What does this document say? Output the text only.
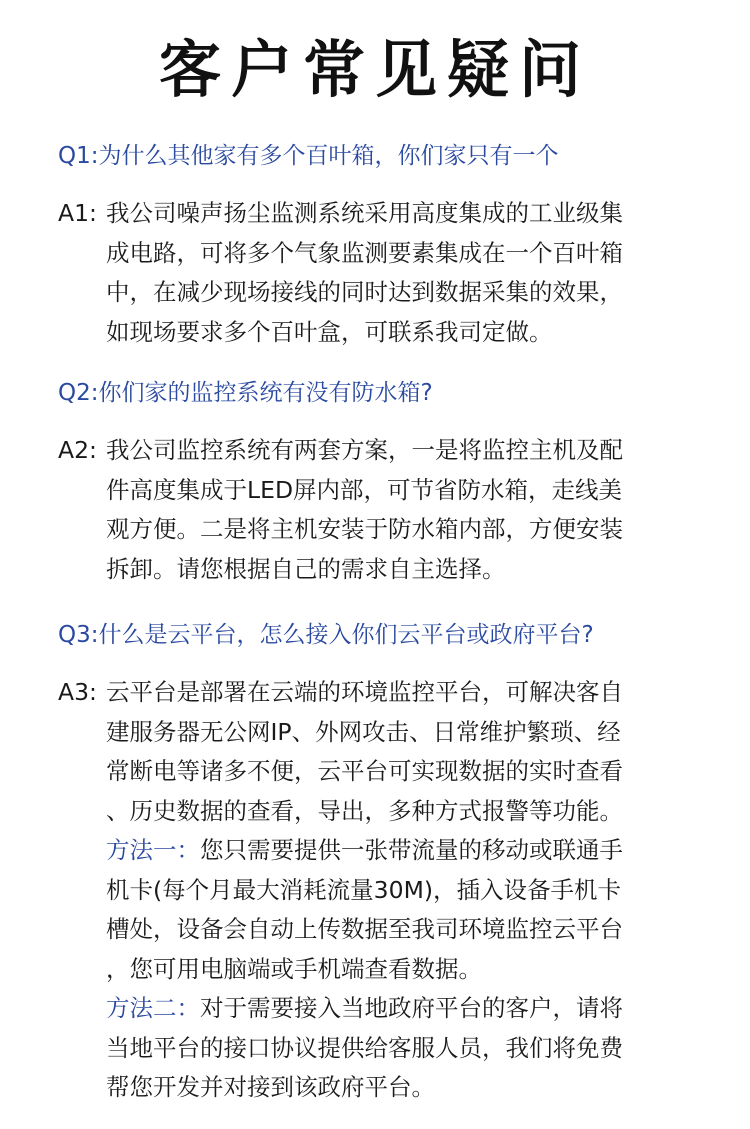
客户常见疑问
Q1:为什么其他家有多个百叶箱，你们家只有一个
A1: 我公司噪声扬尘监测系统采用高度集成的工业级集
成电路，可将多个气象监测要素集成在一个百叶箱
中，在减少现场接线的同时达到数据采集的效果，
如现场要求多个百叶盒，可联系我司定做。
Q2:你们家的监控系统有没有防水箱?
A2: 我公司监控系统有两套方案，一是将监控主机及配
件高度集成于LED屏内部，可节省防水箱，走线美
观方便。二是将主机安装于防水箱内部，方便安装
拆卸。请您根据自己的需求自主选择。
Q3:什么是云平台，怎么接入你们云平台或政府平台?
A3: 云平台是部署在云端的环境监控平台，可解决客自
建服务器无公网IP、外网攻击、日常维护繁琐、经
常断电等诸多不便，云平台可实现数据的实时查看
、历史数据的查看，导出，多种方式报警等功能。
方法一：您只需要提供一张带流量的移动或联通手
机卡(每个月最大消耗流量30M)，插入设备手机卡
槽处，设备会自动上传数据至我司环境监控云平台
，您可用电脑端或手机端查看数据。
方法二：对于需要接入当地政府平台的客户，请将
当地平台的接口协议提供给客服人员，我们将免费
帮您开发并对接到该政府平台。
